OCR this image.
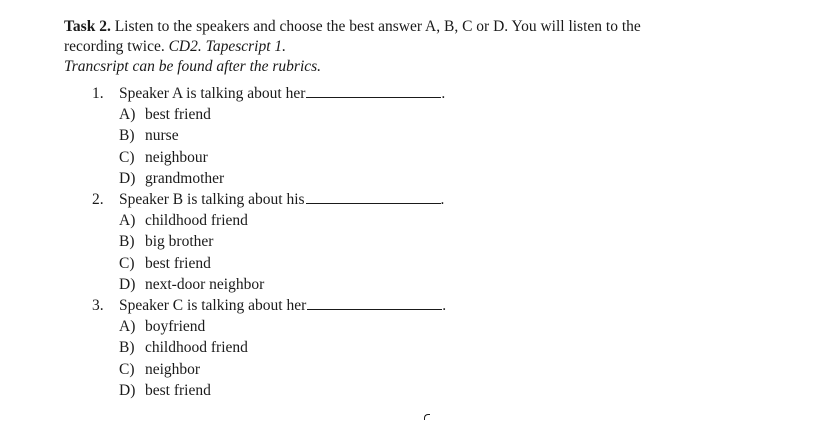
Task 2. Listen to the speakers and choose the best answer A, B, C or D. You will listen to the
recording twice. CD2. Tapescript 1.
Trancsript can be found after the rubrics.
1. Speaker A is talking about her	.
A) best friend
B) nurse
C) neighbour
D) grandmother
2. Speaker B is talking about his	.
A) childhood friend
B) big brother
C) best friend
D) next-door neighbor
3. Speaker C is talking about her	.
A) boyfriend
B) childhood friend
C) neighbor
D) best friend
